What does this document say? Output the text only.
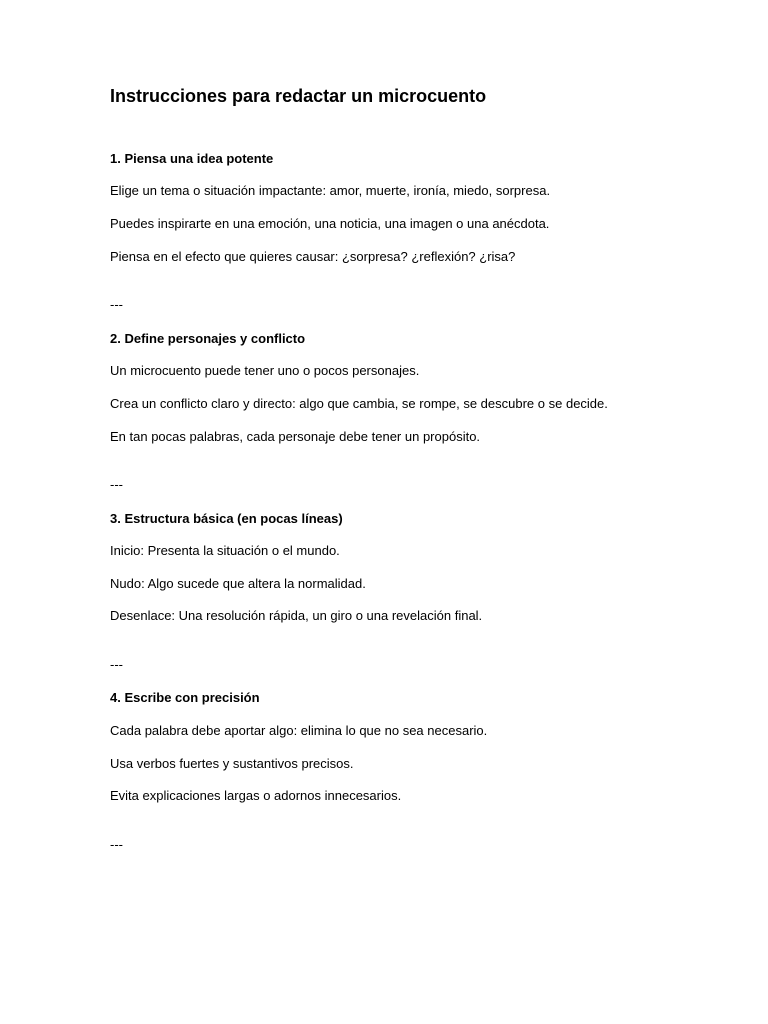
Instrucciones para redactar un microcuento

1. Piensa una idea potente

Elige un tema o situación impactante: amor, muerte, ironía, miedo, sorpresa.

Puedes inspirarte en una emoción, una noticia, una imagen o una anécdota.

Piensa en el efecto que quieres causar: ¿sorpresa? ¿reflexión? ¿risa?

---

2. Define personajes y conflicto

Un microcuento puede tener uno o pocos personajes.

Crea un conflicto claro y directo: algo que cambia, se rompe, se descubre o se decide.

En tan pocas palabras, cada personaje debe tener un propósito.

---

3. Estructura básica (en pocas líneas)

Inicio: Presenta la situación o el mundo.

Nudo: Algo sucede que altera la normalidad.

Desenlace: Una resolución rápida, un giro o una revelación final.

---

4. Escribe con precisión

Cada palabra debe aportar algo: elimina lo que no sea necesario.

Usa verbos fuertes y sustantivos precisos.

Evita explicaciones largas o adornos innecesarios.

---
